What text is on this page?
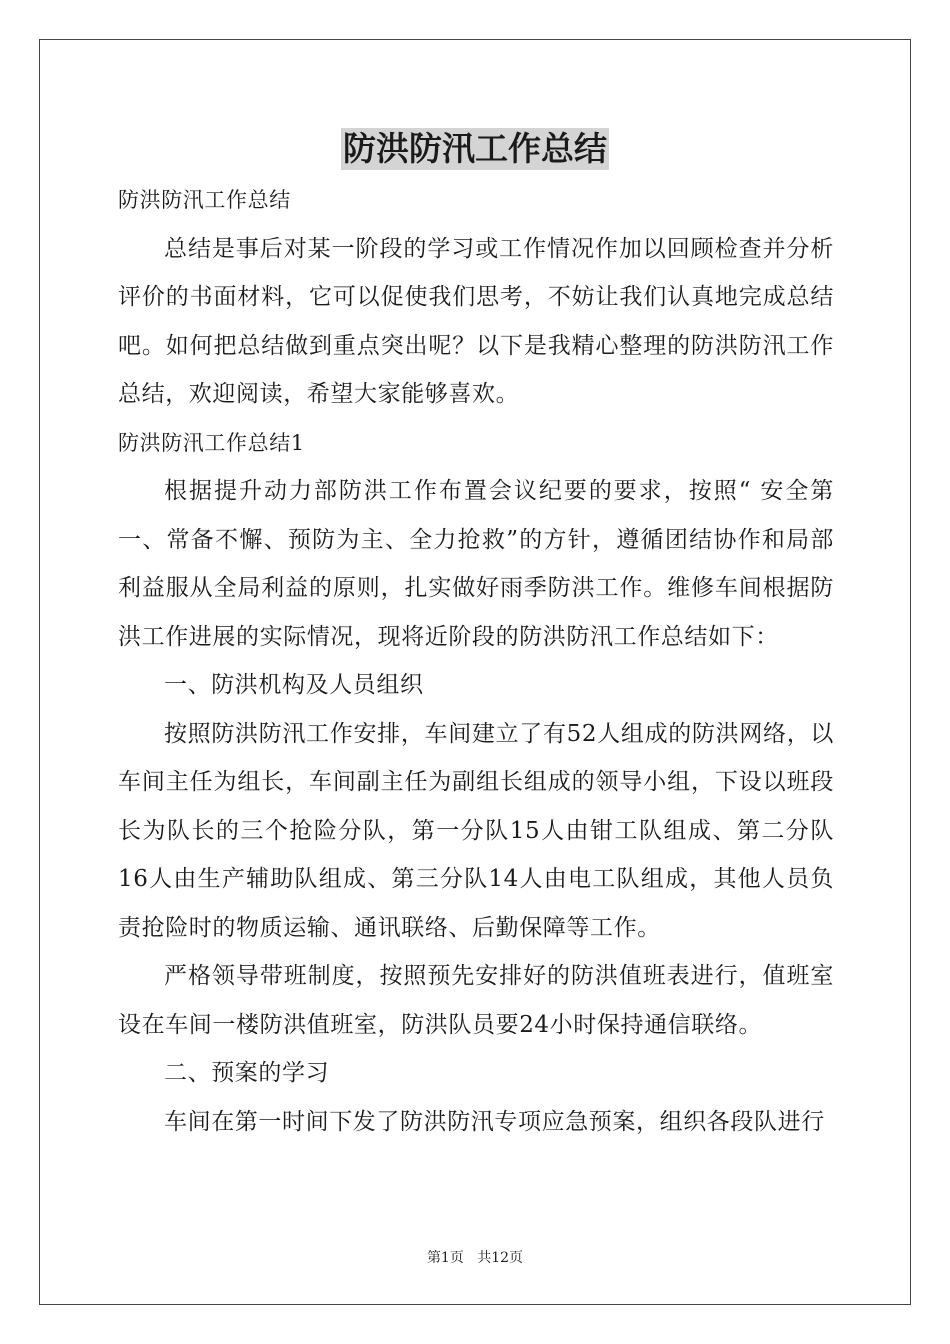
防洪防汛工作总结

防洪防汛工作总结

总结是事后对某一阶段的学习或工作情况作加以回顾检查并分析评价的书面材料，它可以促使我们思考，不妨让我们认真地完成总结吧。如何把总结做到重点突出呢？以下是我精心整理的防洪防汛工作总结，欢迎阅读，希望大家能够喜欢。

防洪防汛工作总结1

根据提升动力部防洪工作布置会议纪要的要求，按照“ 安全第一、常备不懈、预防为主、全力抢救”的方针，遵循团结协作和局部利益服从全局利益的原则，扎实做好雨季防洪工作。维修车间根据防洪工作进展的实际情况，现将近阶段的防洪防汛工作总结如下：

一、防洪机构及人员组织

按照防洪防汛工作安排，车间建立了有52人组成的防洪网络，以车间主任为组长，车间副主任为副组长组成的领导小组，下设以班段长为队长的三个抢险分队，第一分队15人由钳工队组成、第二分队16人由生产辅助队组成、第三分队14人由电工队组成，其他人员负责抢险时的物质运输、通讯联络、后勤保障等工作。

严格领导带班制度，按照预先安排好的防洪值班表进行，值班室设在车间一楼防洪值班室，防洪队员要24小时保持通信联络。

二、预案的学习

车间在第一时间下发了防洪防汛专项应急预案，组织各段队进行

第1页 共12页
